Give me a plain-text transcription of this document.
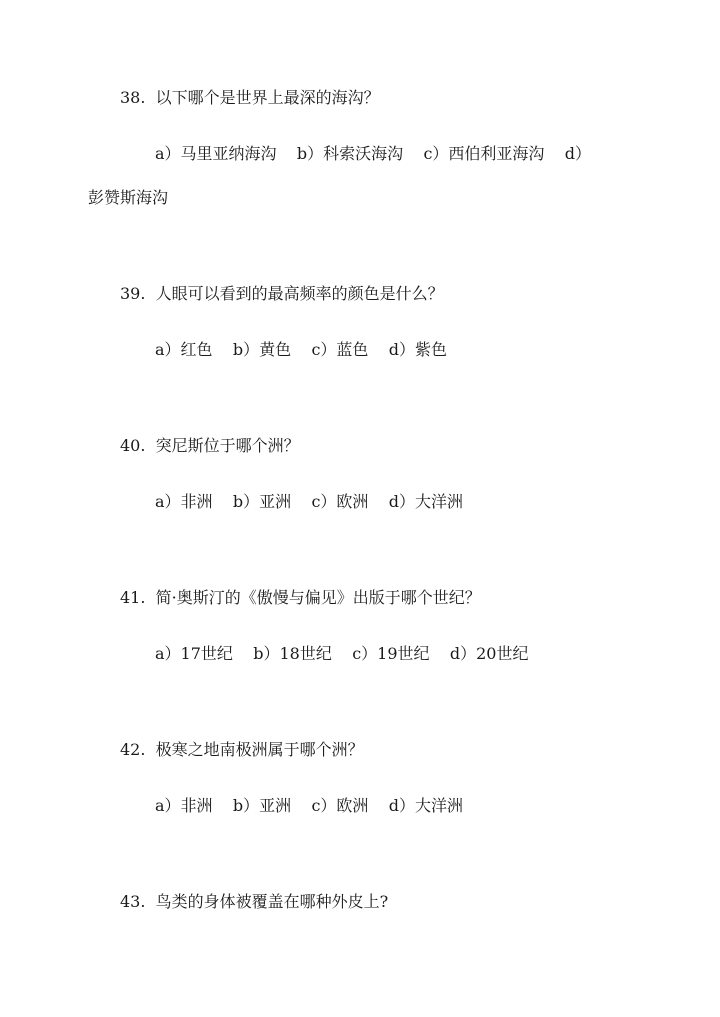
38.  以下哪个是世界上最深的海沟？
a）马里亚纳海沟    b）科索沃海沟    c）西伯利亚海沟    d）
彭赞斯海沟
39.  人眼可以看到的最高频率的颜色是什么？
a）红色    b）黄色    c）蓝色    d）紫色
40.  突尼斯位于哪个洲？
a）非洲    b）亚洲    c）欧洲    d）大洋洲
41.  简·奥斯汀的《傲慢与偏见》出版于哪个世纪？
a）17世纪    b）18世纪    c）19世纪    d）20世纪
42.  极寒之地南极洲属于哪个洲？
a）非洲    b）亚洲    c）欧洲    d）大洋洲
43.  鸟类的身体被覆盖在哪种外皮上?
